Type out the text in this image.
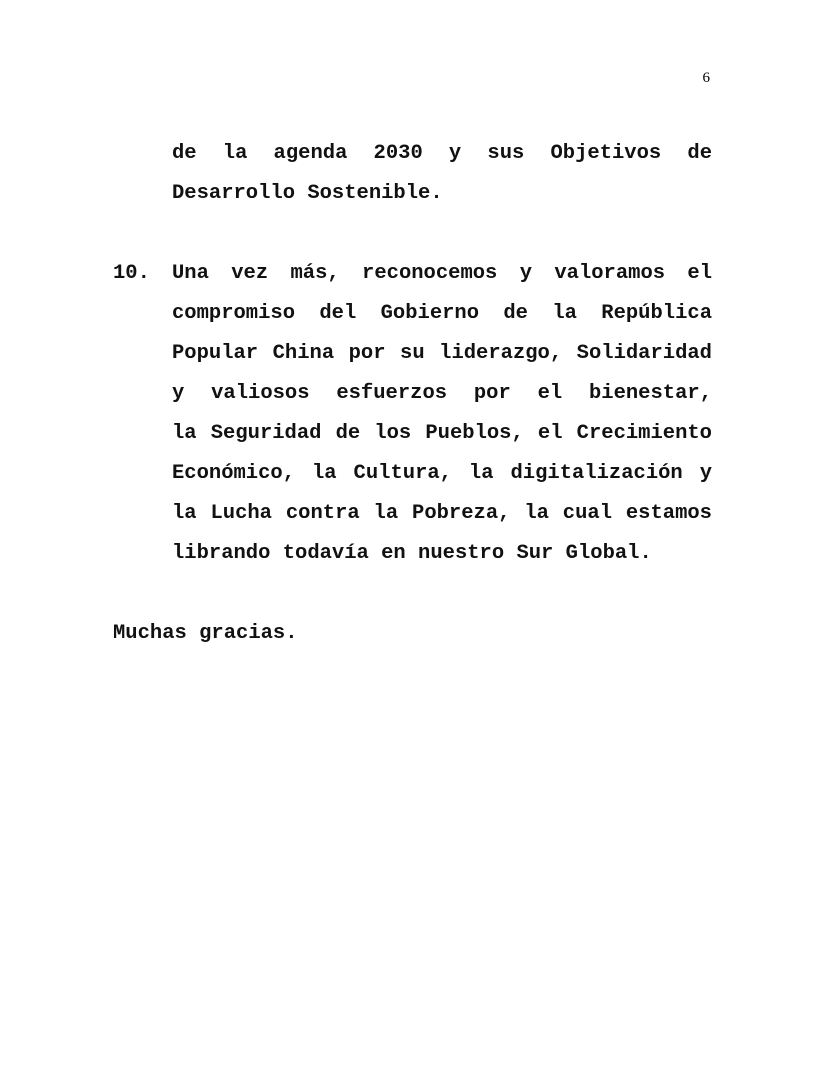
6
de la agenda 2030 y sus Objetivos de
Desarrollo Sostenible.
10. Una vez más, reconocemos y valoramos el
compromiso del Gobierno de la República
Popular China por su liderazgo, Solidaridad
y valiosos esfuerzos por el bienestar,
la Seguridad de los Pueblos, el Crecimiento
Económico, la Cultura, la digitalización y
la Lucha contra la Pobreza, la cual estamos
librando todavía en nuestro Sur Global.
Muchas gracias.
